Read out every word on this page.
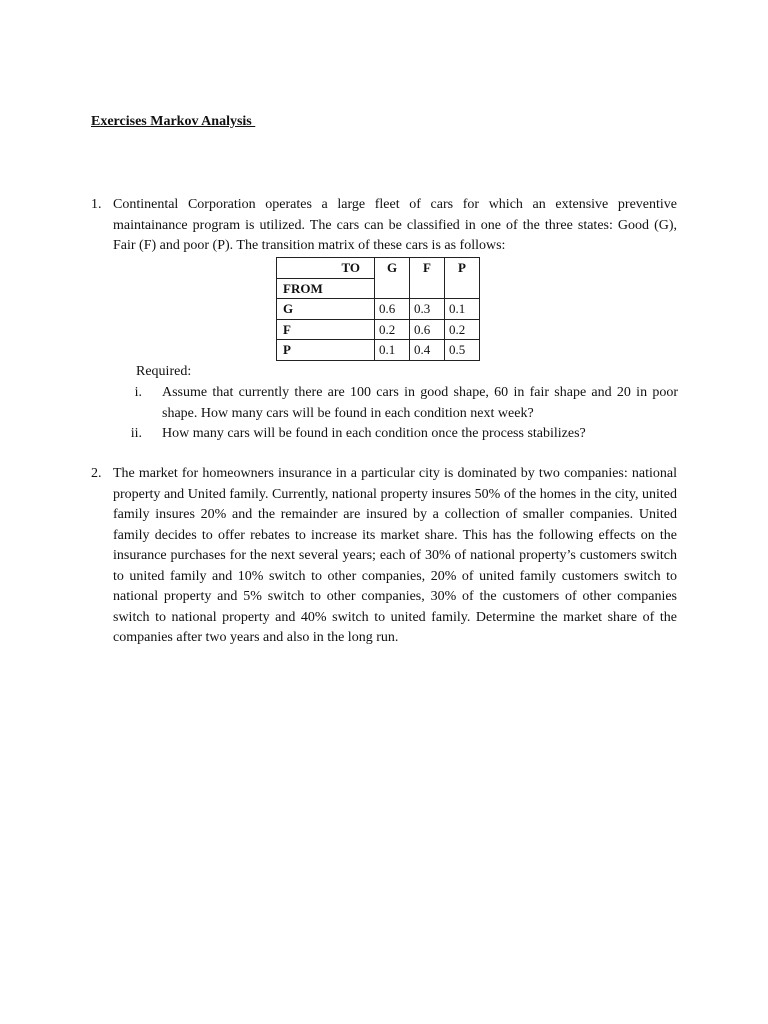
Exercises Markov Analysis
1. Continental Corporation operates a large fleet of cars for which an extensive preventive maintainance program is utilized. The cars can be classified in one of the three states: Good (G), Fair (F) and poor (P). The transition matrix of these cars is as follows:
TO	G	F	P
FROM			
G	0.6	0.3	0.1
F	0.2	0.6	0.2
P	0.1	0.4	0.5
Required:
i. Assume that currently there are 100 cars in good shape, 60 in fair shape and 20 in poor shape. How many cars will be found in each condition next week?
ii. How many cars will be found in each condition once the process stabilizes?
2. The market for homeowners insurance in a particular city is dominated by two companies: national property and United family. Currently, national property insures 50% of the homes in the city, united family insures 20% and the remainder are insured by a collection of smaller companies. United family decides to offer rebates to increase its market share. This has the following effects on the insurance purchases for the next several years; each of 30% of national property’s customers switch to united family and 10% switch to other companies, 20% of united family customers switch to national property and 5% switch to other companies, 30% of the customers of other companies switch to national property and 40% switch to united family. Determine the market share of the companies after two years and also in the long run.
